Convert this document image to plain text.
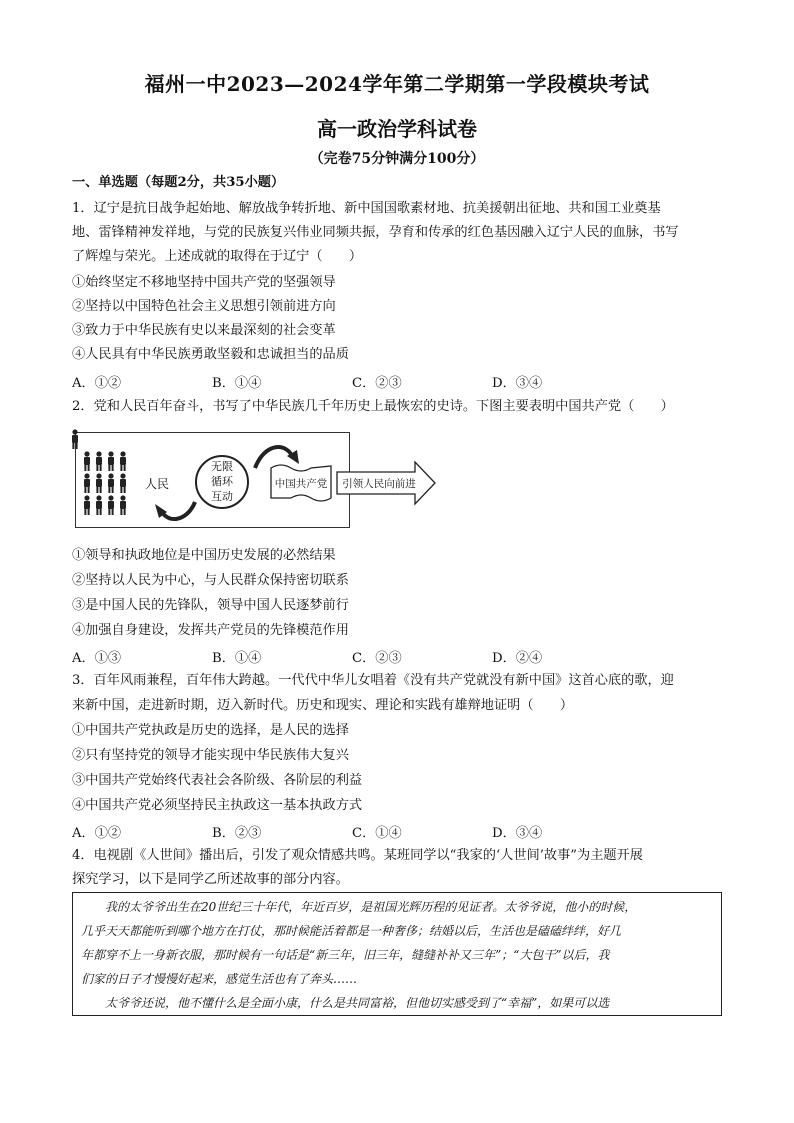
福州一中2023—2024学年第二学期第一学段模块考试
高一政治学科试卷
（完卷75分钟满分100分）
一、单选题（每题2分，共35小题）
1．辽宁是抗日战争起始地、解放战争转折地、新中国国歌素材地、抗美援朝出征地、共和国工业奠基
地、雷锋精神发祥地，与党的民族复兴伟业同频共振，孕育和传承的红色基因融入辽宁人民的血脉，书写
了辉煌与荣光。上述成就的取得在于辽宁（　　）
①始终坚定不移地坚持中国共产党的坚强领导
②坚持以中国特色社会主义思想引领前进方向
③致力于中华民族有史以来最深刻的社会变革
④人民具有中华民族勇敢坚毅和忠诚担当的品质
A．①②	B．①④	C．②③	D．③④
2．党和人民百年奋斗，书写了中华民族几千年历史上最恢宏的史诗。下图主要表明中国共产党（　　）
人民
无限
循环
互动
中国共产党 引领人民向前进
①领导和执政地位是中国历史发展的必然结果
②坚持以人民为中心，与人民群众保持密切联系
③是中国人民的先锋队，领导中国人民逐梦前行
④加强自身建设，发挥共产党员的先锋模范作用
A．①③	B．①④	C．②③	D．②④
3．百年风雨兼程，百年伟大跨越。一代代中华儿女唱着《没有共产党就没有新中国》这首心底的歌，迎
来新中国，走进新时期，迈入新时代。历史和现实、理论和实践有雄辩地证明（　　）
①中国共产党执政是历史的选择，是人民的选择
②只有坚持党的领导才能实现中华民族伟大复兴
③中国共产党始终代表社会各阶级、各阶层的利益
④中国共产党必须坚持民主执政这一基本执政方式
A．①②	B．②③	C．①④	D．③④
4．电视剧《人世间》播出后，引发了观众情感共鸣。某班同学以“我家的‘人世间’故事”为主题开展
探究学习，以下是同学乙所述故事的部分内容。
　　我的太爷爷出生在20世纪三十年代，年近百岁，是祖国光辉历程的见证者。太爷爷说，他小的时候，
几乎天天都能听到哪个地方在打仗，那时候能活着都是一种奢侈；结婚以后，生活也是磕磕绊绊，好几
年都穿不上一身新衣服，那时候有一句话是“新三年，旧三年，缝缝补补又三年”；“大包干”以后，我
们家的日子才慢慢好起来，感觉生活也有了奔头……
　　太爷爷还说，他不懂什么是全面小康，什么是共同富裕，但他切实感受到了“幸福”，如果可以选
